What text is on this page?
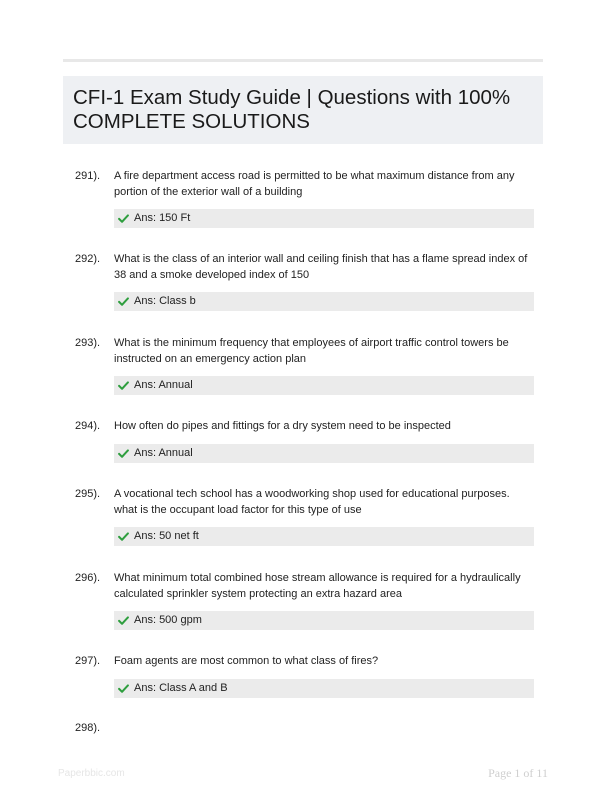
CFI-1 Exam Study Guide | Questions with 100%
COMPLETE SOLUTIONS
291). A fire department access road is permitted to be what maximum distance from any portion of the exterior wall of a building
Ans: 150 Ft
292). What is the class of an interior wall and ceiling finish that has a flame spread index of 38 and a smoke developed index of 150
Ans: Class b
293). What is the minimum frequency that employees of airport traffic control towers be instructed on an emergency action plan
Ans: Annual
294). How often do pipes and fittings for a dry system need to be inspected
Ans: Annual
295). A vocational tech school has a woodworking shop used for educational purposes. what is the occupant load factor for this type of use
Ans: 50 net ft
296). What minimum total combined hose stream allowance is required for a hydraulically calculated sprinkler system protecting an extra hazard area
Ans: 500 gpm
297). Foam agents are most common to what class of fires?
Ans: Class A and B
298).
Paperbbic.com	Page 1 of 11
